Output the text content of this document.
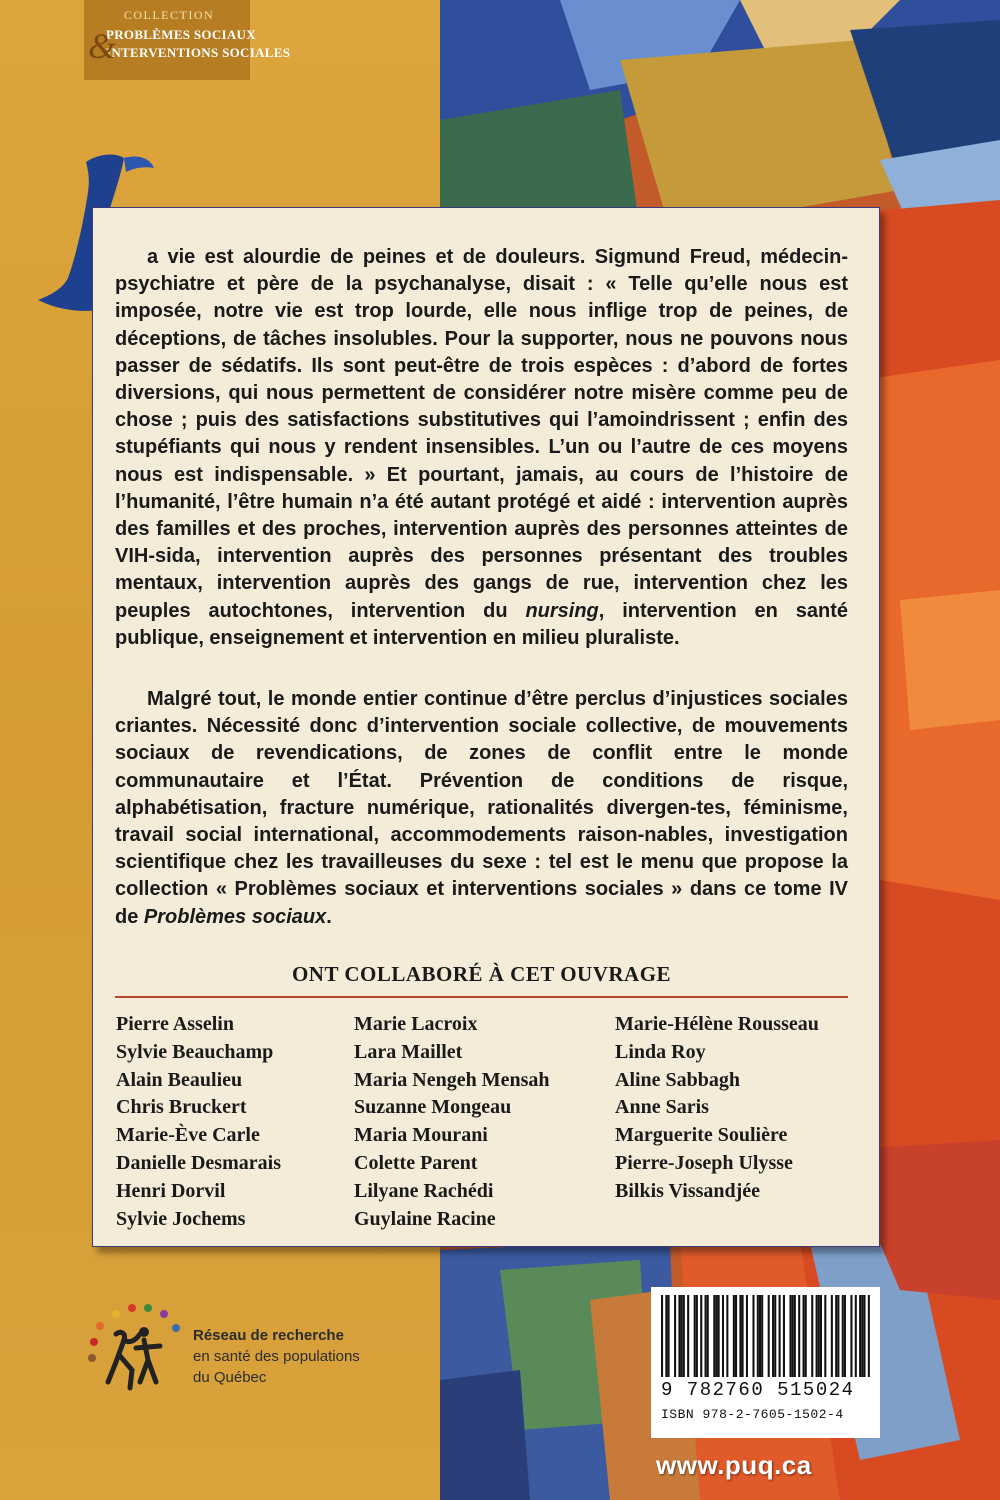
COLLECTION
&
PROBLÈMES SOCIAUX
INTERVENTIONS SOCIALES

a vie est alourdie de peines et de douleurs. Sigmund Freud, médecin-psychiatre et père de la psychanalyse, disait : « Telle qu’elle nous est imposée, notre vie est trop lourde, elle nous inflige trop de peines, de déceptions, de tâches insolubles. Pour la supporter, nous ne pouvons nous passer de sédatifs. Ils sont peut-être de trois espèces : d’abord de fortes diversions, qui nous permettent de considérer notre misère comme peu de chose ; puis des satisfactions substitutives qui l’amoindrissent ; enfin des stupéfiants qui nous y rendent insensibles. L’un ou l’autre de ces moyens nous est indispensable. » Et pourtant, jamais, au cours de l’histoire de l’humanité, l’être humain n’a été autant protégé et aidé : intervention auprès des familles et des proches, intervention auprès des personnes atteintes de VIH-sida, intervention auprès des personnes présentant des troubles mentaux, intervention auprès des gangs de rue, intervention chez les peuples autochtones, intervention du nursing, intervention en santé publique, enseignement et intervention en milieu pluraliste.

Malgré tout, le monde entier continue d’être perclus d’injustices sociales criantes. Nécessité donc d’intervention sociale collective, de mouvements sociaux de revendications, de zones de conflit entre le monde communautaire et l’État. Prévention de conditions de risque, alphabétisation, fracture numérique, rationalités divergen-tes, féminisme, travail social international, accommodements raison-nables, investigation scientifique chez les travailleuses du sexe : tel est le menu que propose la collection « Problèmes sociaux et interventions sociales » dans ce tome IV de Problèmes sociaux.

ONT COLLABORÉ À CET OUVRAGE
Pierre Asselin
Sylvie Beauchamp
Alain Beaulieu
Chris Bruckert
Marie-Ève Carle
Danielle Desmarais
Henri Dorvil
Sylvie Jochems
Marie Lacroix
Lara Maillet
Maria Nengeh Mensah
Suzanne Mongeau
Maria Mourani
Colette Parent
Lilyane Rachédi
Guylaine Racine
Marie-Hélène Rousseau
Linda Roy
Aline Sabbagh
Anne Saris
Marguerite Soulière
Pierre-Joseph Ulysse
Bilkis Vissandjée
Réseau de recherche
en santé des populations
du Québec
9 782760 515024
ISBN 978-2-7605-1502-4
www.puq.ca
